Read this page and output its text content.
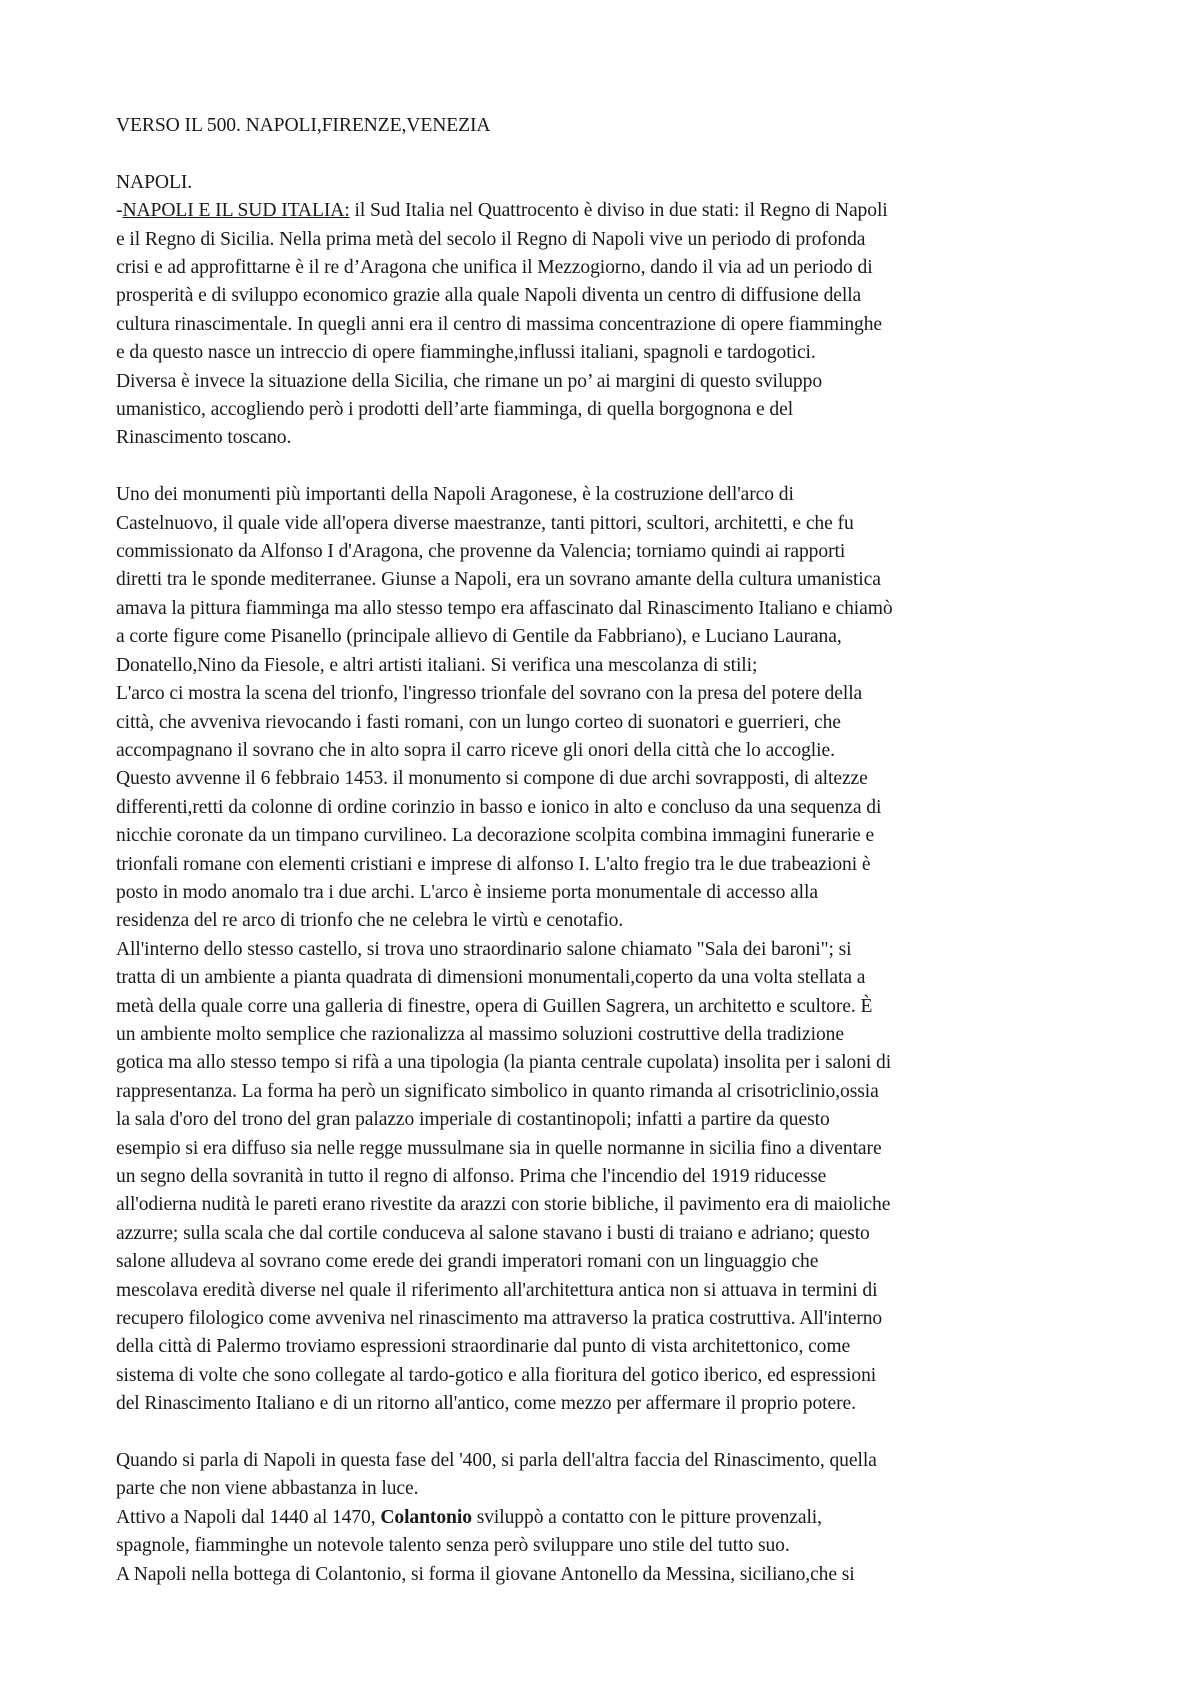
VERSO IL 500. NAPOLI,FIRENZE,VENEZIA

NAPOLI.

-NAPOLI E IL SUD ITALIA: il Sud Italia nel Quattrocento è diviso in due stati: il Regno di Napoli
e il Regno di Sicilia. Nella prima metà del secolo il Regno di Napoli vive un periodo di profonda
crisi e ad approfittarne è il re d’Aragona che unifica il Mezzogiorno, dando il via ad un periodo di
prosperità e di sviluppo economico grazie alla quale Napoli diventa un centro di diffusione della
cultura rinascimentale. In quegli anni era il centro di massima concentrazione di opere fiamminghe
e da questo nasce un intreccio di opere fiamminghe,influssi italiani, spagnoli e tardogotici.
Diversa è invece la situazione della Sicilia, che rimane un po’ ai margini di questo sviluppo
umanistico, accogliendo però i prodotti dell’arte fiamminga, di quella borgognona e del
Rinascimento toscano.
Uno dei monumenti più importanti della Napoli Aragonese, è la costruzione dell'arco di
Castelnuovo, il quale vide all'opera diverse maestranze, tanti pittori, scultori, architetti, e che fu
commissionato da Alfonso I d'Aragona, che provenne da Valencia; torniamo quindi ai rapporti
diretti tra le sponde mediterranee. Giunse a Napoli, era un sovrano amante della cultura umanistica
amava la pittura fiamminga ma allo stesso tempo era affascinato dal Rinascimento Italiano e chiamò
a corte figure come Pisanello (principale allievo di Gentile da Fabbriano), e Luciano Laurana,
Donatello,Nino da Fiesole, e altri artisti italiani. Si verifica una mescolanza di stili;
L'arco ci mostra la scena del trionfo, l'ingresso trionfale del sovrano con la presa del potere della
città, che avveniva rievocando i fasti romani, con un lungo corteo di suonatori e guerrieri, che
accompagnano il sovrano che in alto sopra il carro riceve gli onori della città che lo accoglie.
Questo avvenne il 6 febbraio 1453. il monumento si compone di due archi sovrapposti, di altezze
differenti,retti da colonne di ordine corinzio in basso e ionico in alto e concluso da una sequenza di
nicchie coronate da un timpano curvilineo. La decorazione scolpita combina immagini funerarie e
trionfali romane con elementi cristiani e imprese di alfonso I. L'alto fregio tra le due trabeazioni è
posto in modo anomalo tra i due archi. L'arco è insieme porta monumentale di accesso alla
residenza del re arco di trionfo che ne celebra le virtù e cenotafio.
All'interno dello stesso castello, si trova uno straordinario salone chiamato "Sala dei baroni"; si
tratta di un ambiente a pianta quadrata di dimensioni monumentali,coperto da una volta stellata a
metà della quale corre una galleria di finestre, opera di Guillen Sagrera, un architetto e scultore. È
un ambiente molto semplice che razionalizza al massimo soluzioni costruttive della tradizione
gotica ma allo stesso tempo si rifà a una tipologia (la pianta centrale cupolata) insolita per i saloni di
rappresentanza. La forma ha però un significato simbolico in quanto rimanda al crisotriclinio,ossia
la sala d'oro del trono del gran palazzo imperiale di costantinopoli; infatti a partire da questo
esempio si era diffuso sia nelle regge mussulmane sia in quelle normanne in sicilia fino a diventare
un segno della sovranità in tutto il regno di alfonso. Prima che l'incendio del 1919 riducesse
all'odierna nudità le pareti erano rivestite da arazzi con storie bibliche, il pavimento era di maioliche
azzurre; sulla scala che dal cortile conduceva al salone stavano i busti di traiano e adriano; questo
salone alludeva al sovrano come erede dei grandi imperatori romani con un linguaggio che
mescolava eredità diverse nel quale il riferimento all'architettura antica non si attuava in termini di
recupero filologico come avveniva nel rinascimento ma attraverso la pratica costruttiva. All'interno
della città di Palermo troviamo espressioni straordinarie dal punto di vista architettonico, come
sistema di volte che sono collegate al tardo-gotico e alla fioritura del gotico iberico, ed espressioni
del Rinascimento Italiano e di un ritorno all'antico, come mezzo per affermare il proprio potere.
Quando si parla di Napoli in questa fase del '400, si parla dell'altra faccia del Rinascimento, quella
parte che non viene abbastanza in luce.
Attivo a Napoli dal 1440 al 1470, Colantonio sviluppò a contatto con le pitture provenzali,
spagnole, fiamminghe un notevole talento senza però sviluppare uno stile del tutto suo.
A Napoli nella bottega di Colantonio, si forma il giovane Antonello da Messina, siciliano,che si
